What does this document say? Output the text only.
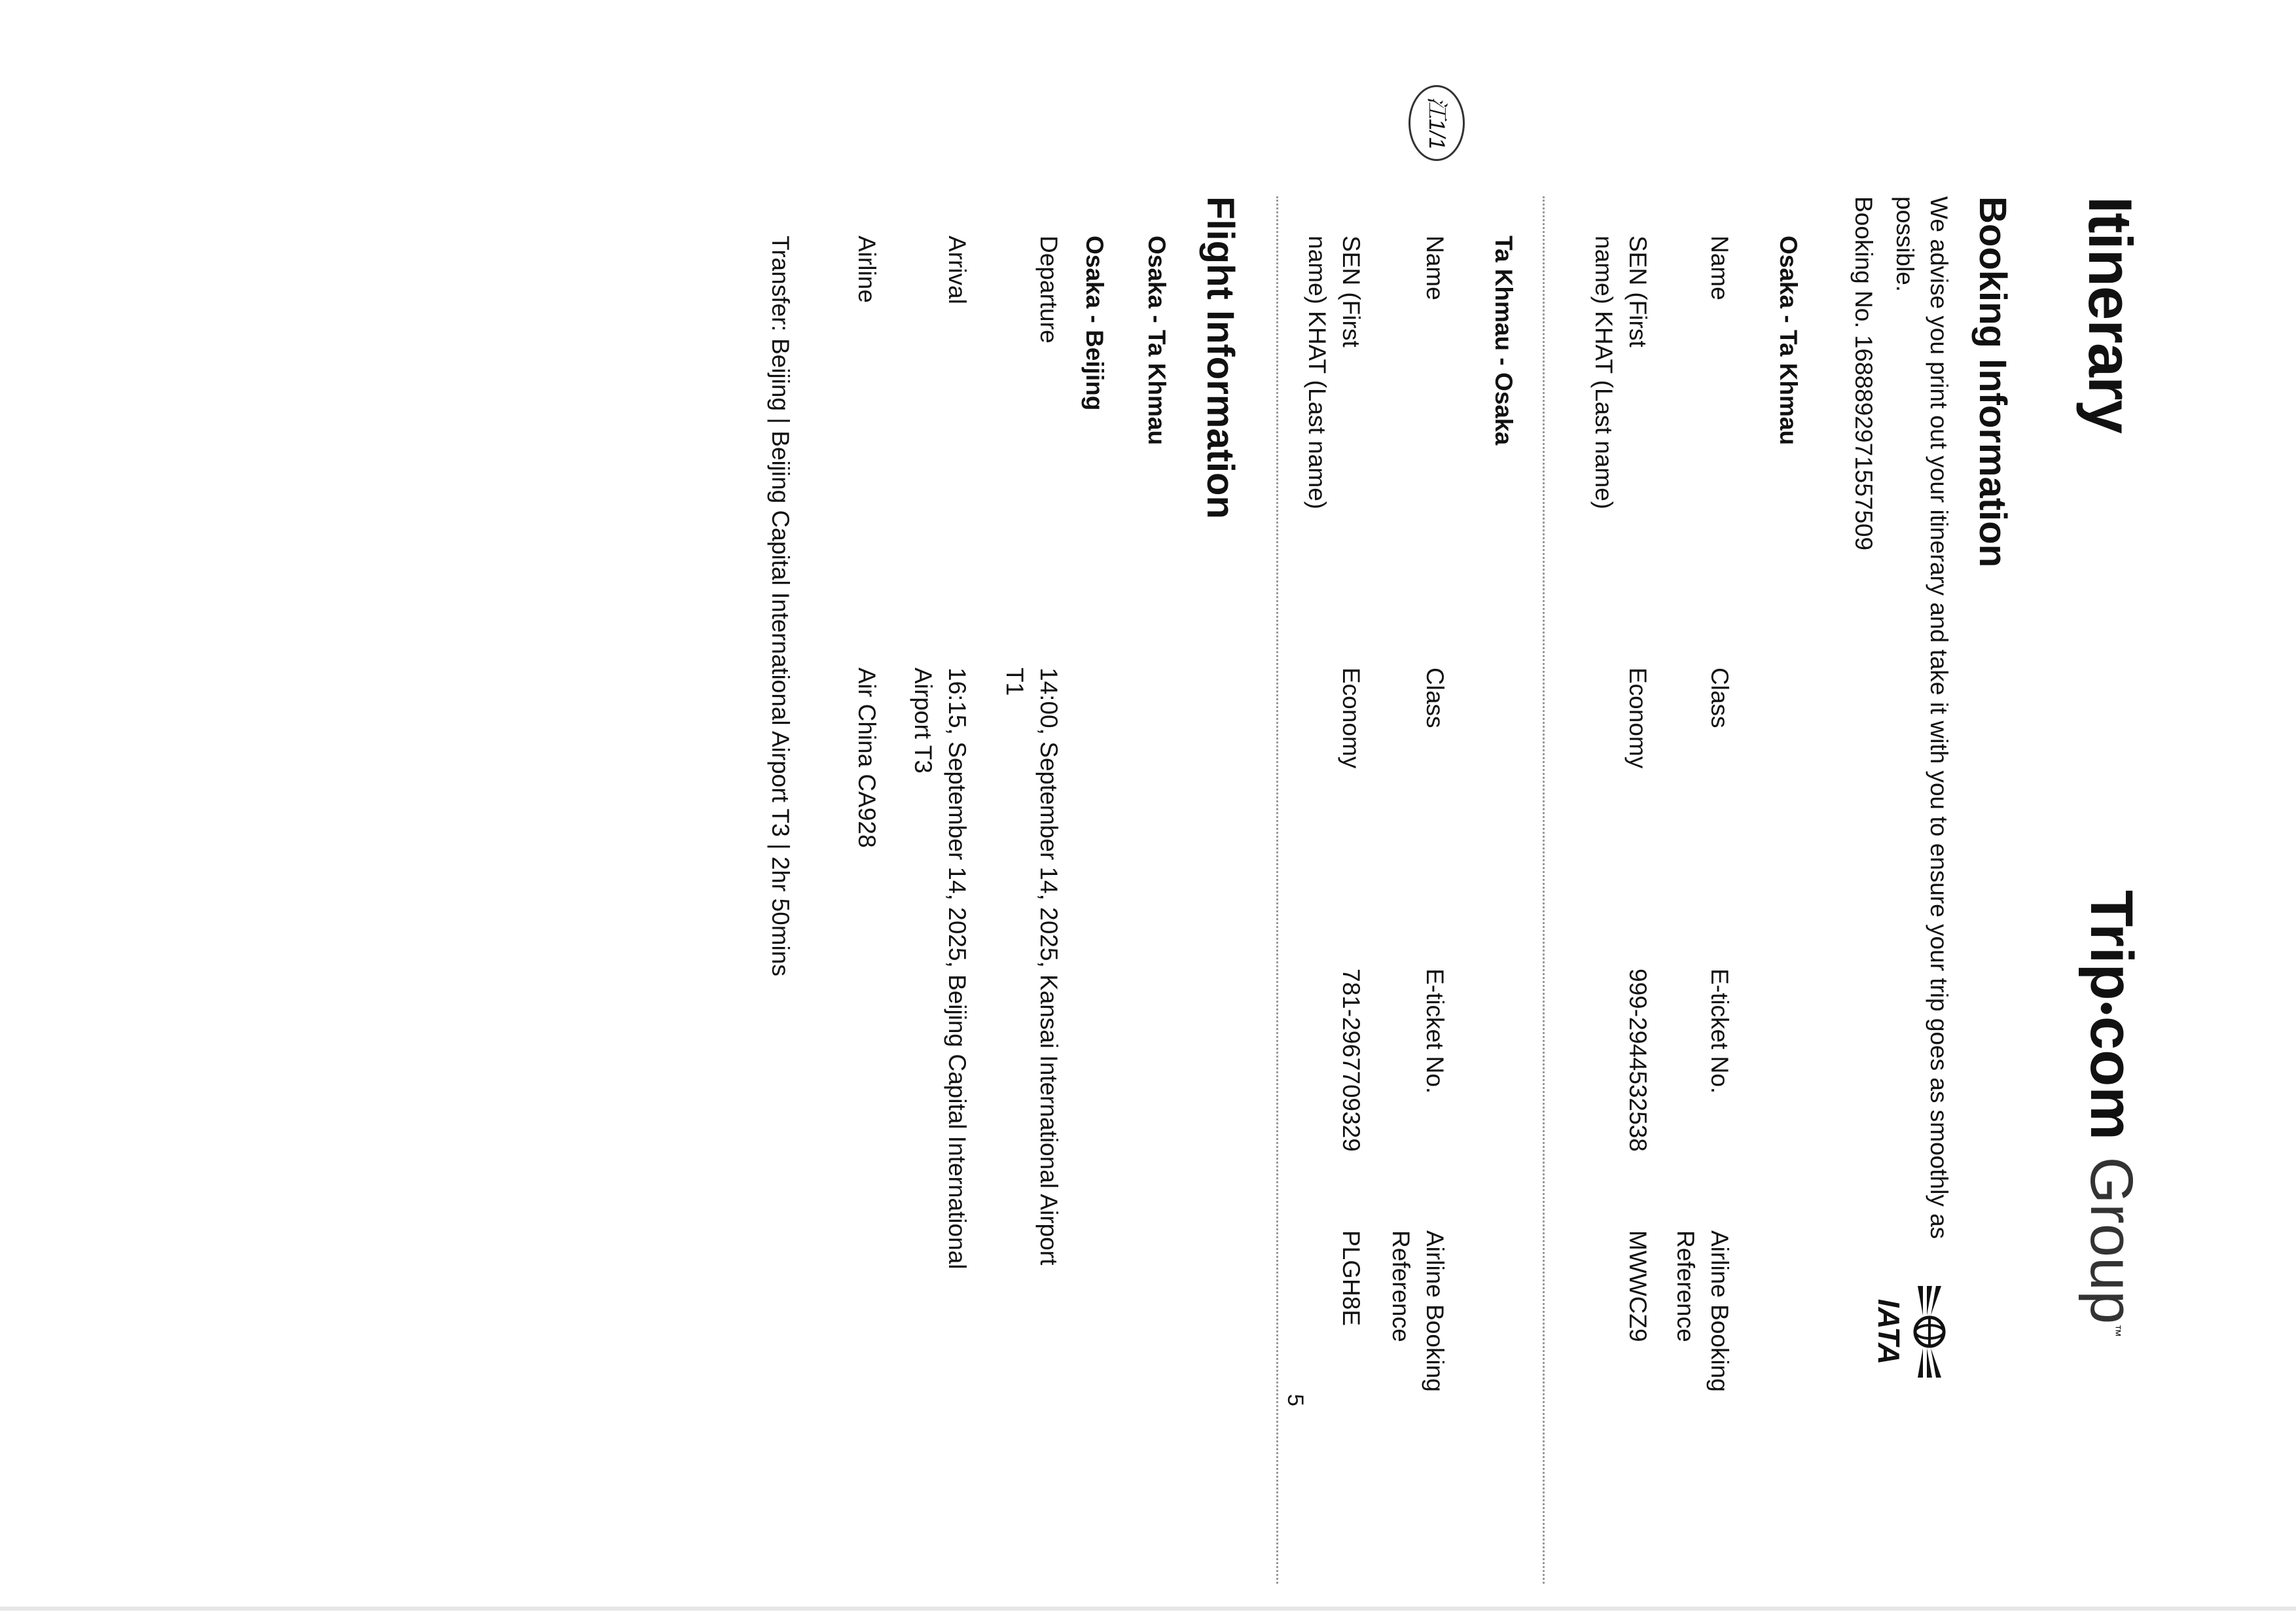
Itinerary
Trip●com Group™
IATA
江1/1
Booking Information
We advise you print out your itinerary and take it with you to ensure your trip goes as smoothly as
possible.
Booking No. 1688892971557509
Osaka - Ta Khmau
Name
Class
E-ticket No.
Airline Booking
Reference
SEN (First
name) KHAT (Last name)
Economy
999-2944532538
MWWCZ9
Ta Khmau - Osaka
Name
Class
E-ticket No.
Airline Booking
Reference
SEN (First
name) KHAT (Last name)
Economy
781-2967709329
PLGH8E
Flight Information
Osaka - Ta Khmau
Osaka - Beijing
Departure
14:00, September 14, 2025, Kansai International Airport
T1
Arrival
16:15, September 14, 2025, Beijing Capital International
Airport T3
Airline
Air China CA928
Transfer: Beijing | Beijing Capital International Airport T3 | 2hr 50mins
5
